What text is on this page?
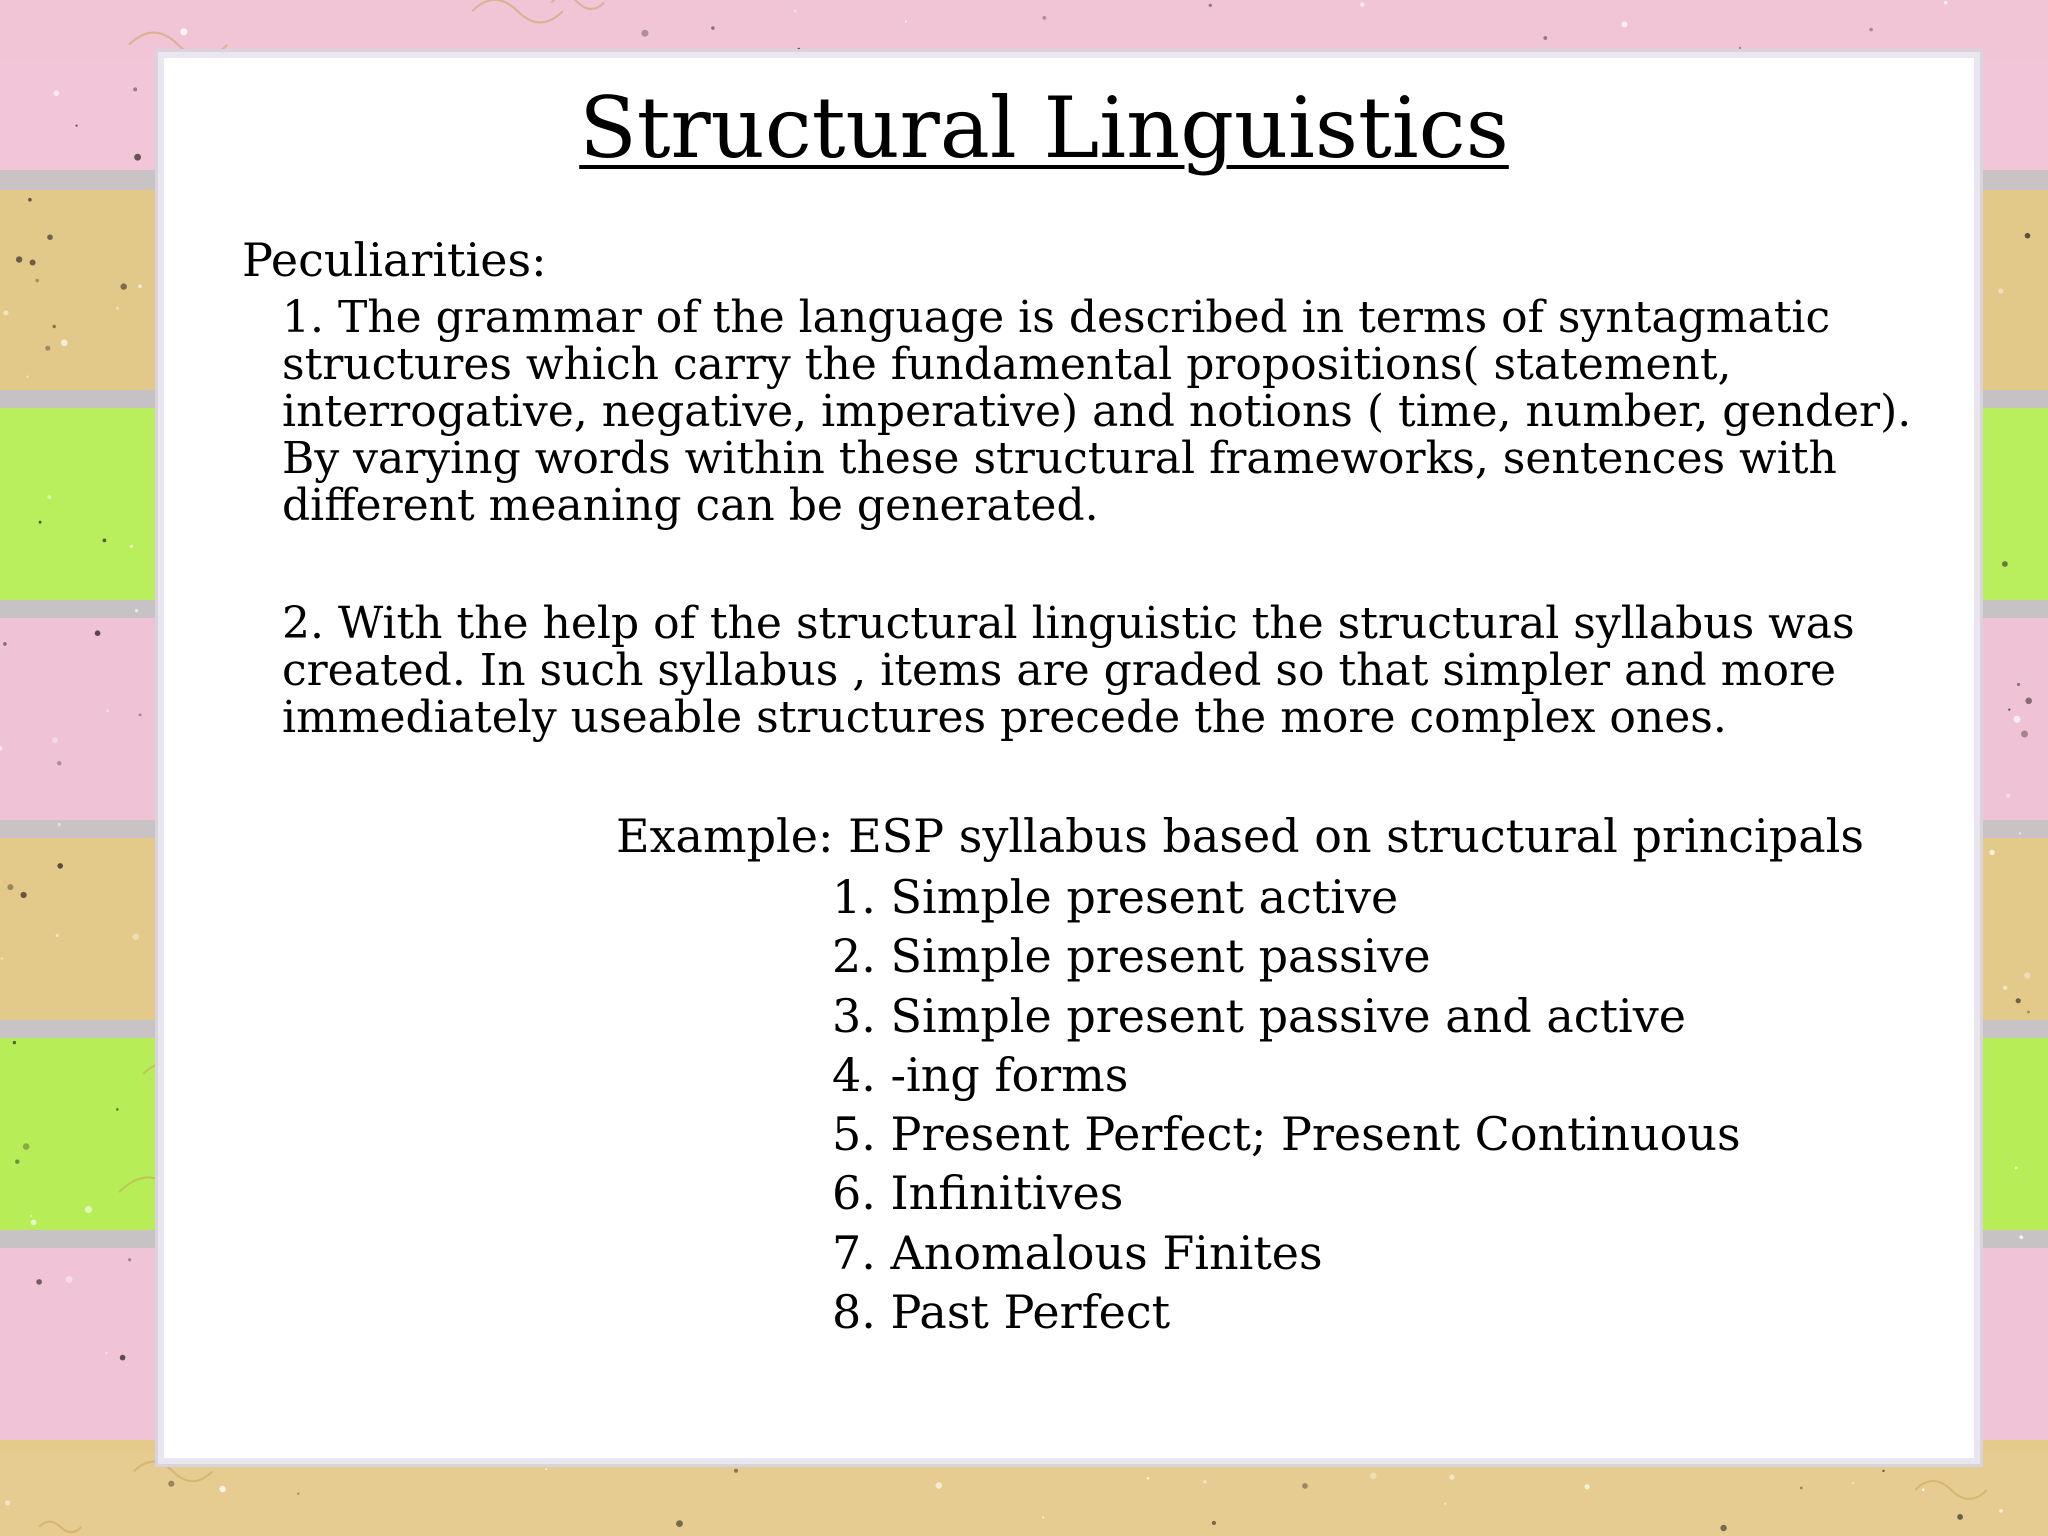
Structural Linguistics

Peculiarities:

1. The grammar of the language is described in terms of syntagmatic structures which carry the fundamental propositions( statement, interrogative, negative, imperative) and notions ( time, number, gender). By varying words within these structural frameworks, sentences with different meaning can be generated.

2. With the help of the structural linguistic the structural syllabus was created. In such syllabus , items are graded so that simpler and more immediately useable structures precede the more complex ones.

Example: ESP syllabus based on structural principals

1. Simple present active
2. Simple present passive
3. Simple present passive and active
4. -ing forms
5. Present Perfect; Present Continuous
6. Infinitives
7. Anomalous Finites
8. Past Perfect
